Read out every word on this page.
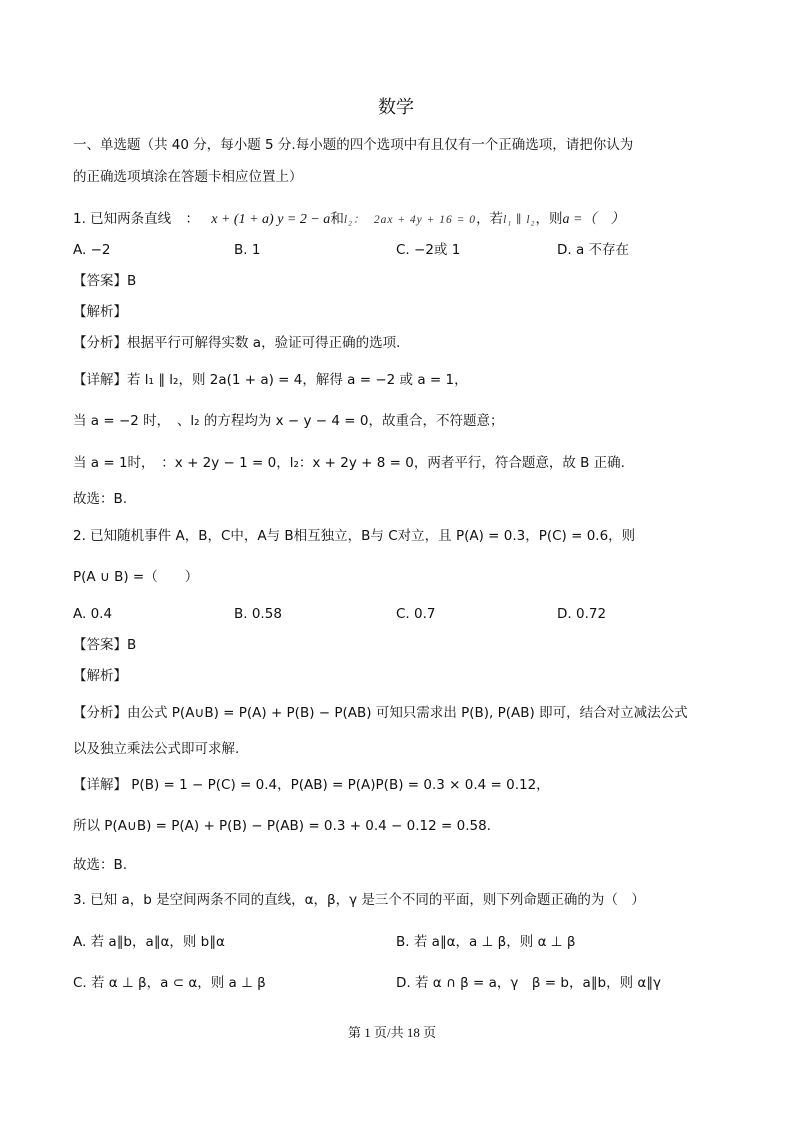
数学
一、单选题（共 40 分，每小题 5 分.每小题的四个选项中有且仅有一个正确选项，请把你认为
的正确选项填涂在答题卡相应位置上）
1. 已知两条直线 ： x + (1 + a) y = 2 − a和l₂： 2ax + 4y + 16 = 0，若l₁ ∥ l₂，则a =（　）
A. −2	B. 1	C. −2或 1	D. a 不存在
【答案】B
【解析】
【分析】根据平行可解得实数 a，验证可得正确的选项.
【详解】若 l₁ ∥ l₂，则 2a(1 + a) = 4，解得 a = −2 或 a = 1，
当 a = −2 时，　、l₂ 的方程均为 x − y − 4 = 0，故重合，不符题意；
当 a = 1时，　：x + 2y − 1 = 0，l₂：x + 2y + 8 = 0，两者平行，符合题意，故 B 正确.
故选：B.
2. 已知随机事件 A，B，C中，A与 B相互独立，B与 C对立，且 P(A) = 0.3，P(C) = 0.6，则
P(A ∪ B) =（　　）
A. 0.4	B. 0.58	C. 0.7	D. 0.72
【答案】B
【解析】
【分析】由公式 P(A∪B) = P(A) + P(B) − P(AB) 可知只需求出 P(B), P(AB) 即可，结合对立减法公式
以及独立乘法公式即可求解.
【详解】 P(B) = 1 − P(C) = 0.4，P(AB) = P(A)P(B) = 0.3 × 0.4 = 0.12，
所以 P(A∪B) = P(A) + P(B) − P(AB) = 0.3 + 0.4 − 0.12 = 0.58.
故选：B.
3. 已知 a，b 是空间两条不同的直线，α，β，γ 是三个不同的平面，则下列命题正确的为（　）
A. 若 a∥b，a∥α，则 b∥α	B. 若 a∥α，a ⊥ β，则 α ⊥ β
C. 若 α ⊥ β，a ⊂ α，则 a ⊥ β	D. 若 α ∩ β = a，γ　β = b，a∥b，则 α∥γ
第 1 页/共 18 页
